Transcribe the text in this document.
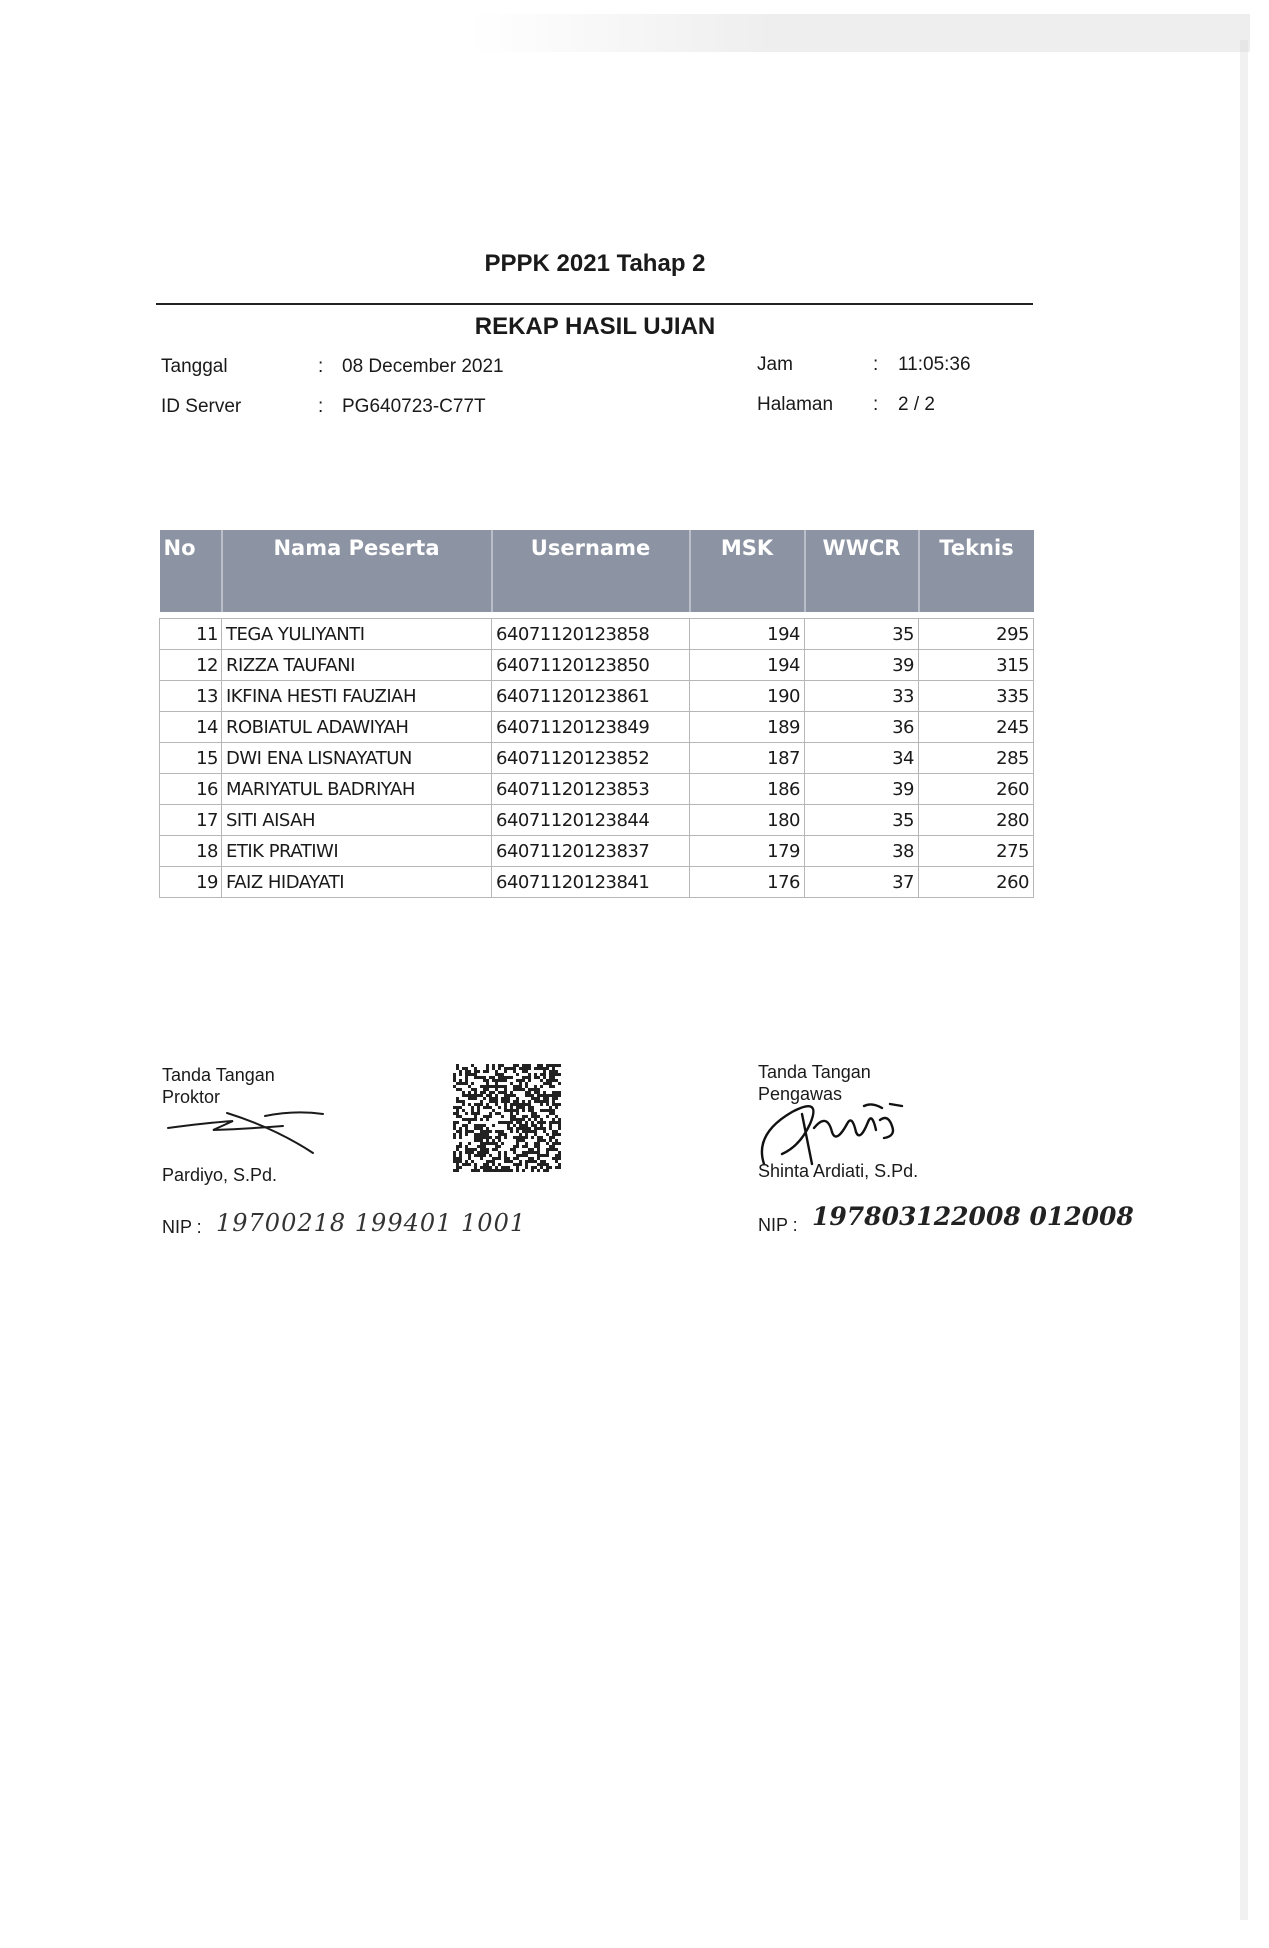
PPPK 2021 Tahap 2
REKAP HASIL UJIAN
Tanggal	: 08 December 2021
ID Server	: PG640723-C77T
Jam	: 11:05:36
Halaman : 2 / 2
No	Nama Peserta	Username	MSK	WWCR	Teknis

11	TEGA YULIYANTI	64071120123858	194	35	295
12	RIZZA TAUFANI	64071120123850	194	39	315
13	IKFINA HESTI FAUZIAH	64071120123861	190	33	335
14	ROBIATUL ADAWIYAH	64071120123849	189	36	245
15	DWI ENA LISNAYATUN	64071120123852	187	34	285
16	MARIYATUL BADRIYAH	64071120123853	186	39	260
17	SITI AISAH	64071120123844	180	35	280
18	ETIK PRATIWI	64071120123837	179	38	275
19	FAIZ HIDAYATI	64071120123841	176	37	260
Tanda Tangan
Proktor
Pardiyo, S.Pd.
NIP : 19700218 199401 1001
Tanda Tangan
Pengawas
Shinta Ardiati, S.Pd.
NIP : 197803122008 012008
